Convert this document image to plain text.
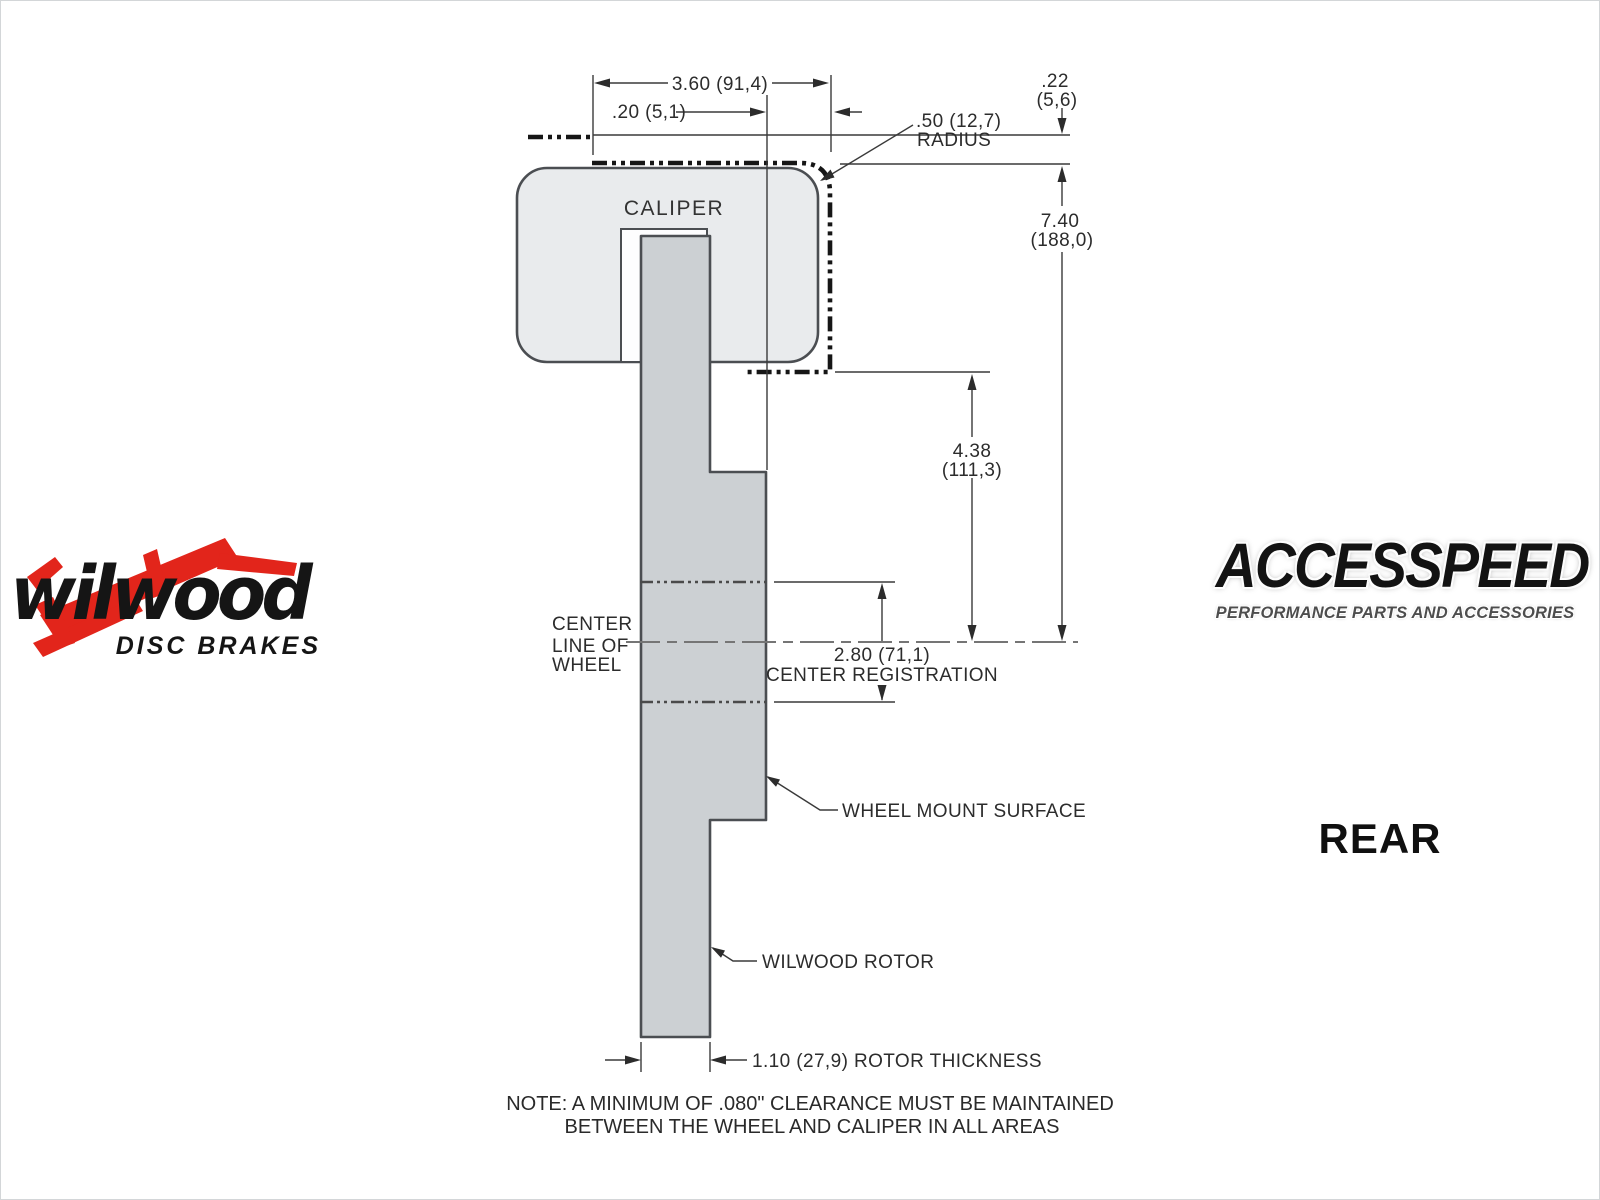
CALIPER
3.60 (91,4)
.20 (5,1)	.50 (12,7)
RADIUS
.22
(5,6)
7.40
(188,0)
4.38
(111,3)
2.80 (71,1)
CENTER REGISTRATION
CENTER
LINE OF
WHEEL
WHEEL MOUNT SURFACE
WILWOOD ROTOR
1.10 (27,9) ROTOR THICKNESS
NOTE: A MINIMUM OF .080" CLEARANCE MUST BE MAINTAINED
BETWEEN THE WHEEL AND CALIPER IN ALL AREAS
wilwood
DISC BRAKES
ACCESSPEED
PERFORMANCE PARTS AND ACCESSORIES
REAR
